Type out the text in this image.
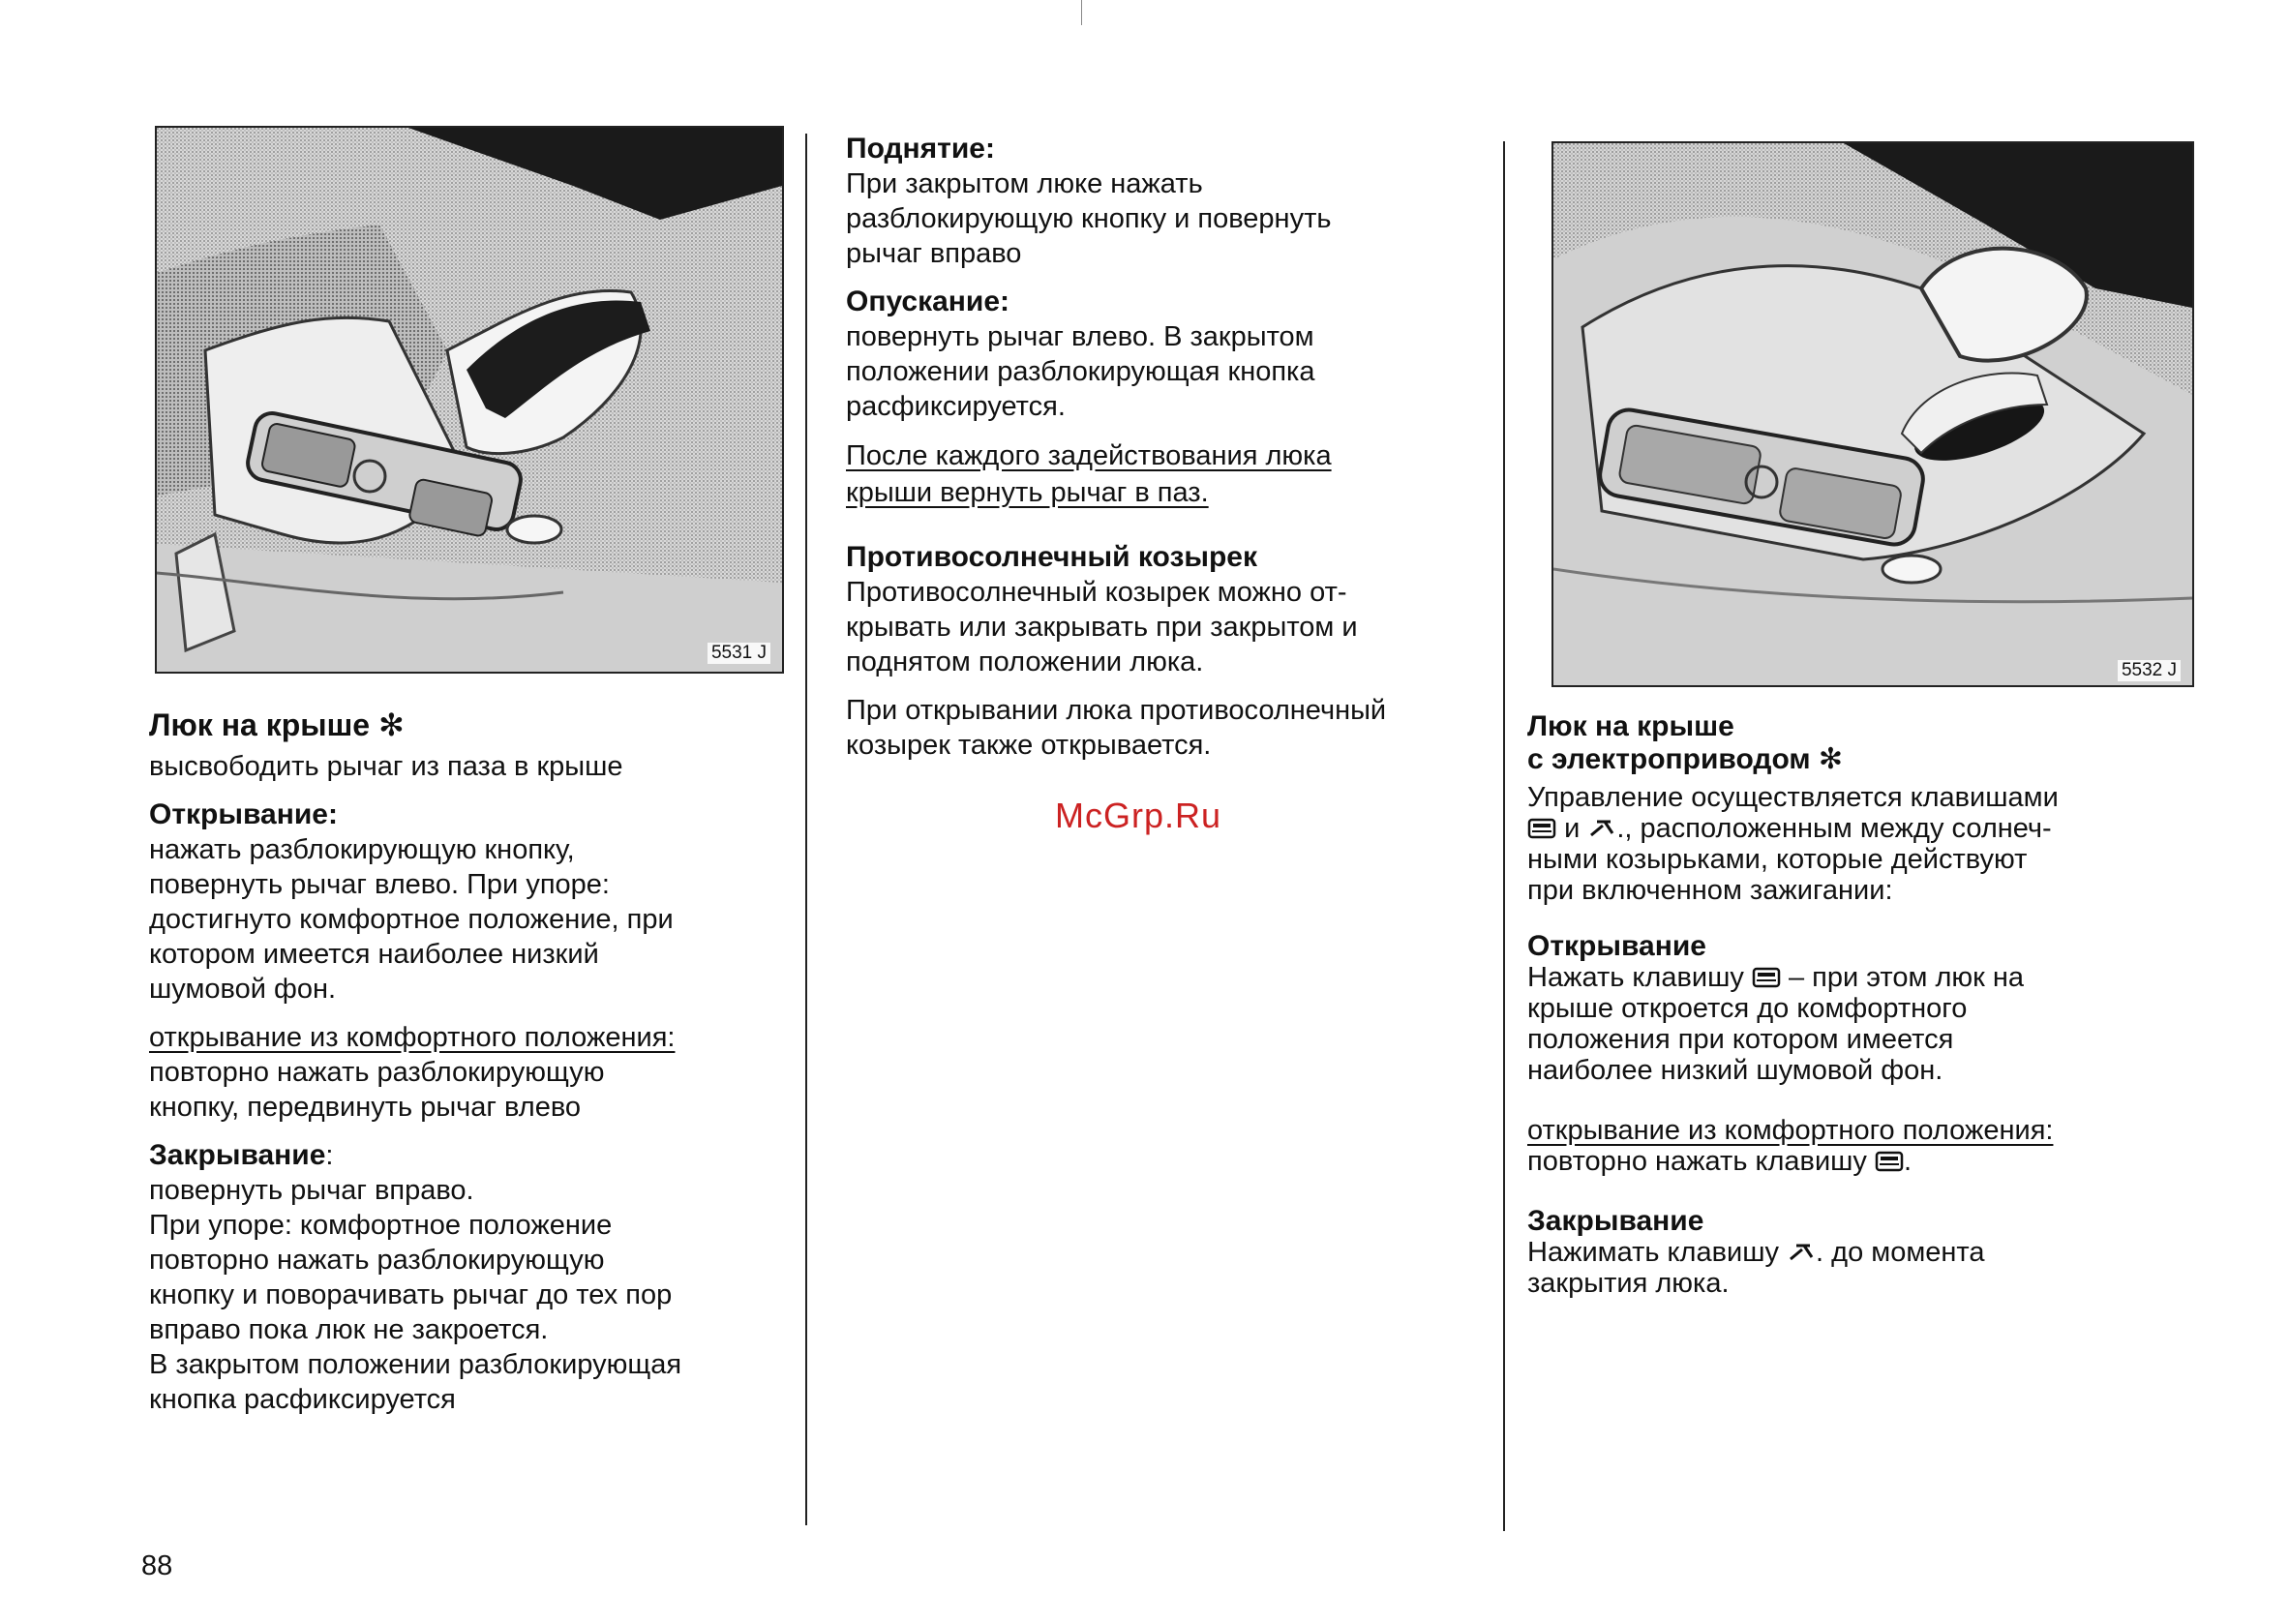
5531 J
5532 J
Люк на крыше ✻
высвободить рычаг из паза в крыше
Открывание:
нажать разблокирующую кнопку,
повернуть рычаг влево. При упоре:
достигнуто комфортное положение, при
котором имеется наиболее низкий
шумовой фон.
открывание из комфортного положения:
повторно нажать разблокирующую
кнопку, передвинуть рычаг влево
Закрывание:
повернуть рычаг вправо.
При упоре: комфортное положение
повторно нажать разблокирующую
кнопку и поворачивать рычаг до тех пор
вправо пока люк не закроется.
В закрытом положении разблокирующая
кнопка расфиксируется
Поднятие:
При закрытом люке нажать
разблокирующую кнопку и повернуть
рычаг вправо
Опускание:
повернуть рычаг влево. В закрытом
положении разблокирующая кнопка
расфиксируется.
После каждого задействования люка
крыши вернуть рычаг в паз.
Противосолнечный козырек
Противосолнечный козырек можно от-
крывать или закрывать при закрытом и
поднятом положении люка.
При открывании люка противосолнечный
козырек также открывается.
McGrp.Ru
Люк на крыше
с электроприводом ✻
Управление осуществляется клавишами
и ., расположенным между солнеч-
ными козырьками, которые действуют
при включенном зажигании:
Открывание
Нажать клавишу – при этом люк на
крыше откроется до комфортного
положения при котором имеется
наиболее низкий шумовой фон.
открывание из комфортного положения:
повторно нажать клавишу .
Закрывание
Нажимать клавишу . до момента
закрытия люка.
88
